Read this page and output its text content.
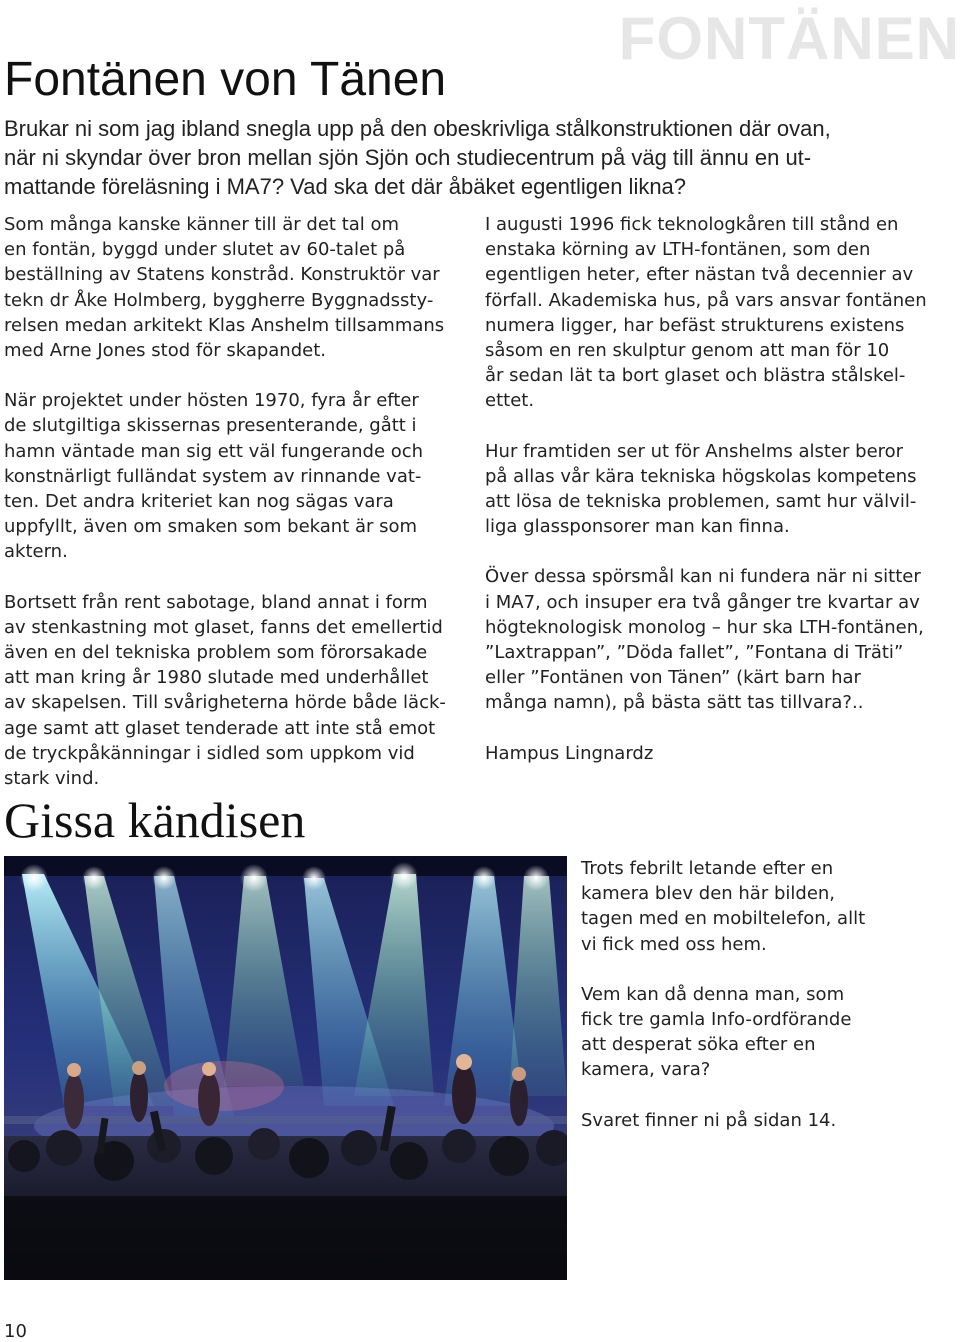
FONTÄNEN
Fontänen von Tänen
Brukar ni som jag ibland snegla upp på den obeskrivliga stålkonstruktionen där ovan,
när ni skyndar över bron mellan sjön Sjön och studiecentrum på väg till ännu en ut-
mattande föreläsning i MA7? Vad ska det där åbäket egentligen likna?
Som många kanske känner till är det tal om
en fontän, byggd under slutet av 60-talet på
beställning av Statens konstråd. Konstruktör var
tekn dr Åke Holmberg, byggherre Byggnadssty-
relsen medan arkitekt Klas Anshelm tillsammans
med Arne Jones stod för skapandet.
När projektet under hösten 1970, fyra år efter
de slutgiltiga skissernas presenterande, gått i
hamn väntade man sig ett väl fungerande och
konstnärligt fulländat system av rinnande vat-
ten. Det andra kriteriet kan nog sägas vara
uppfyllt, även om smaken som bekant är som
aktern.
Bortsett från rent sabotage, bland annat i form
av stenkastning mot glaset, fanns det emellertid
även en del tekniska problem som förorsakade
att man kring år 1980 slutade med underhållet
av skapelsen. Till svårigheterna hörde både läck-
age samt att glaset tenderade att inte stå emot
de tryckpåkänningar i sidled som uppkom vid
stark vind.
I augusti 1996 fick teknologkåren till stånd en
enstaka körning av LTH-fontänen, som den
egentligen heter, efter nästan två decennier av
förfall. Akademiska hus, på vars ansvar fontänen
numera ligger, har befäst strukturens existens
såsom en ren skulptur genom att man för 10
år sedan lät ta bort glaset och blästra stålskel-
ettet.
Hur framtiden ser ut för Anshelms alster beror
på allas vår kära tekniska högskolas kompetens
att lösa de tekniska problemen, samt hur välvil-
liga glassponsorer man kan finna.
Över dessa spörsmål kan ni fundera när ni sitter
i MA7, och insuper era två gånger tre kvartar av
högteknologisk monolog – hur ska LTH-fontänen,
”Laxtrappan”, ”Döda fallet”, ”Fontana di Träti”
eller ”Fontänen von Tänen” (kärt barn har
många namn), på bästa sätt tas tillvara?..
Hampus Lingnardz
Gissa kändisen
Trots febrilt letande efter en
kamera blev den här bilden,
tagen med en mobiltelefon, allt
vi fick med oss hem.
Vem kan då denna man, som
fick tre gamla Info-ordförande
att desperat söka efter en
kamera, vara?
Svaret finner ni på sidan 14.
10
